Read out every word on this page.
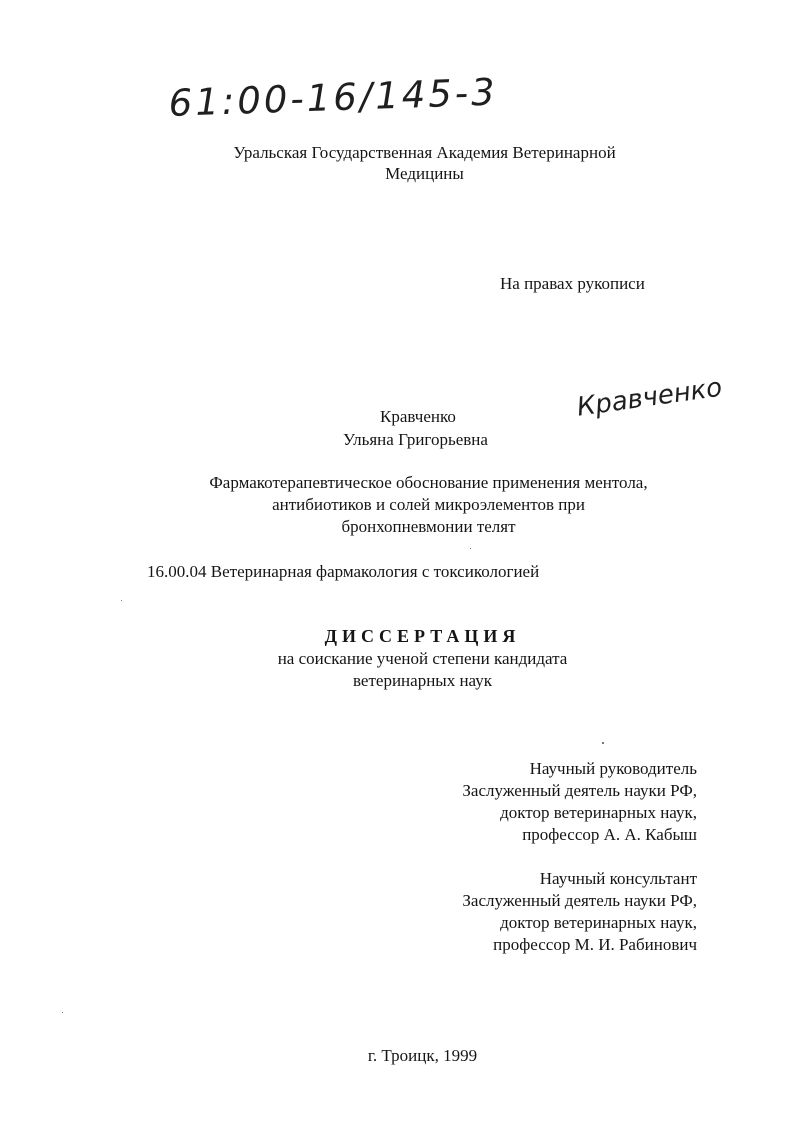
61:00-16/145-3
Уральская Государственная Академия Ветеринарной
Медицины
На правах рукописи
Кравченко
Ульяна Григорьевна
Кравченко
Фармакотерапевтическое обоснование применения ментола,
антибиотиков и солей микроэлементов при
бронхопневмонии телят
16.00.04 Ветеринарная фармакология с токсикологией
ДИССЕРТАЦИЯ
на соискание ученой степени кандидата
ветеринарных наук
Научный руководитель
Заслуженный деятель науки РФ,
доктор ветеринарных наук,
профессор А. А. Кабыш
Научный консультант
Заслуженный деятель науки РФ,
доктор ветеринарных наук,
профессор М. И. Рабинович
г. Троицк, 1999
